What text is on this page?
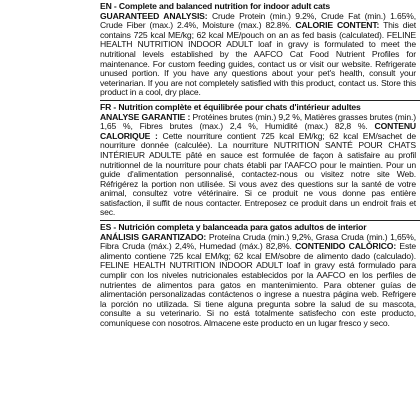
EN - Complete and balanced nutrition for indoor adult cats
GUARANTEED ANALYSIS: Crude Protein (min.) 9.2%, Crude Fat (min.) 1.65%, Crude Fiber (max.) 2.4%, Moisture (max.) 82.8%. CALORIE CONTENT: This diet contains 725 kcal ME/kg; 62 kcal ME/pouch on an as fed basis (calculated). FELINE HEALTH NUTRITION INDOOR ADULT loaf in gravy is formulated to meet the nutritional levels established by the AAFCO Cat Food Nutrient Profiles for maintenance. For custom feeding guides, contact us or visit our website. Refrigerate unused portion. If you have any questions about your pet's health, consult your veterinarian. If you are not completely satisfied with this product, contact us. Store this product in a cool, dry place.

FR - Nutrition complète et équilibrée pour chats d'intérieur adultes
ANALYSE GARANTIE : Protéines brutes (min.) 9,2 %, Matières grasses brutes (min.) 1,65 %, Fibres brutes (max.) 2,4 %, Humidité (max.) 82,8 %. CONTENU CALORIQUE : Cette nourriture contient 725 kcal EM/kg; 62 kcal EM/sachet de nourriture donnée (calculée). La nourriture NUTRITION SANTÉ POUR CHATS INTÉRIEUR ADULTE pâté en sauce est formulée de façon à satisfaire au profil nutritionnel de la nourriture pour chats établi par l'AAFCO pour le maintien. Pour un guide d'alimentation personnalisé, contactez-nous ou visitez notre site Web. Réfrigérez la portion non utilisée. Si vous avez des questions sur la santé de votre animal, consultez votre vétérinaire. Si ce produit ne vous donne pas entière satisfaction, il suffit de nous contacter. Entreposez ce produit dans un endroit frais et sec.

ES - Nutrición completa y balanceada para gatos adultos de interior
ANÁLISIS GARANTIZADO: Proteína Cruda (min.) 9,2%, Grasa Cruda (min.) 1,65%, Fibra Cruda (máx.) 2,4%, Humedad (máx.) 82,8%. CONTENIDO CALÓRICO: Este alimento contiene 725 kcal EM/kg; 62 kcal EM/sobre de alimento dado (calculado). FELINE HEALTH NUTRITION INDOOR ADULT loaf in gravy está formulado para cumplir con los niveles nutricionales establecidos por la AAFCO en los perfiles de nutrientes de alimentos para gatos en mantenimiento. Para obtener guías de alimentación personalizadas contáctenos o ingrese a nuestra página web. Refrigere la porción no utilizada. Si tiene alguna pregunta sobre la salud de su mascota, consulte a su veterinario. Si no está totalmente satisfecho con este producto, comuníquese con nosotros. Almacene este producto en un lugar fresco y seco.
